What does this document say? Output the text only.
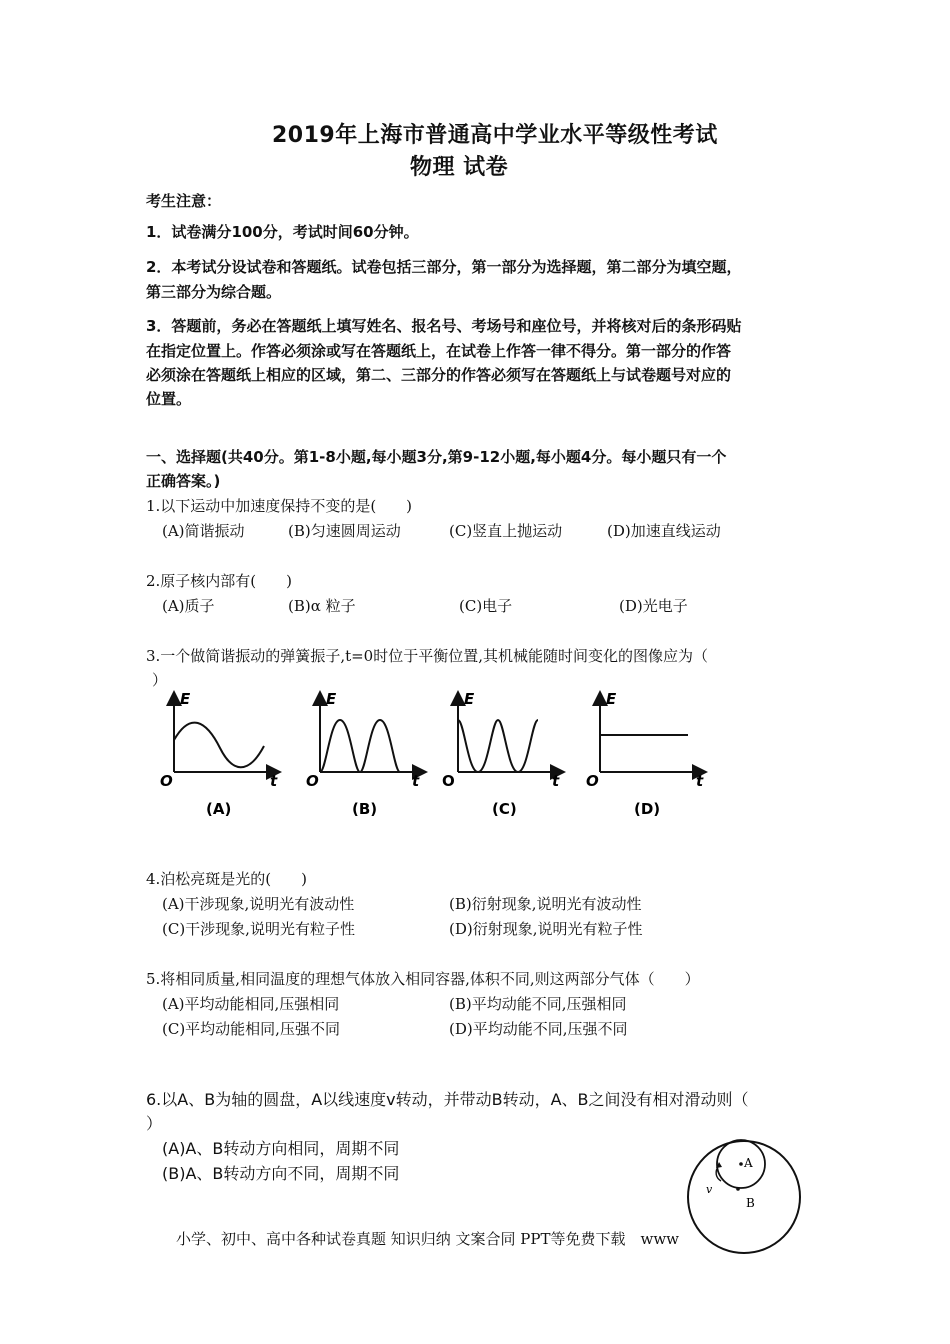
2019年上海市普通高中学业水平等级性考试
物理 试卷
考生注意：
1．试卷满分100分，考试时间60分钟。
2．本考试分设试卷和答题纸。试卷包括三部分，第一部分为选择题，第二部分为填空题，
第三部分为综合题。
3．答题前，务必在答题纸上填写姓名、报名号、考场号和座位号，并将核对后的条形码贴
在指定位置上。作答必须涂或写在答题纸上，在试卷上作答一律不得分。第一部分的作答
必须涂在答题纸上相应的区域，第二、三部分的作答必须写在答题纸上与试卷题号对应的
位置。
一、选择题(共40分。第1-8小题,每小题3分,第9-12小题,每小题4分。每小题只有一个
正确答案。)
1.以下运动中加速度保持不变的是(　　)
(A)简谐振动	(B)匀速圆周运动	(C)竖直上抛运动	(D)加速直线运动
2.原子核内部有(　　)
(A)质子	(B)α 粒子	(C)电子	(D)光电子
3.一个做简谐振动的弹簧振子,t=0时位于平衡位置,其机械能随时间变化的图像应为（
）
E
O	t
(A)
E
O	t
(B)
E
O	t
(C)
E
O	t
(D)
4.泊松亮斑是光的(　　)
(A)干涉现象,说明光有波动性	(B)衍射现象,说明光有波动性
(C)干涉现象,说明光有粒子性	(D)衍射现象,说明光有粒子性
5.将相同质量,相同温度的理想气体放入相同容器,体积不同,则这两部分气体（　　）
(A)平均动能相同,压强相同	(B)平均动能不同,压强相同
(C)平均动能相同,压强不同	(D)平均动能不同,压强不同
6.以A、B为轴的圆盘，A以线速度v转动，并带动B转动，A、B之间没有相对滑动则（
）
(A)A、B转动方向相同，周期不同
(B)A、B转动方向不同，周期不同
A
B
v
小学、初中、高中各种试卷真题 知识归纳 文案合同 PPT等免费下载　www
